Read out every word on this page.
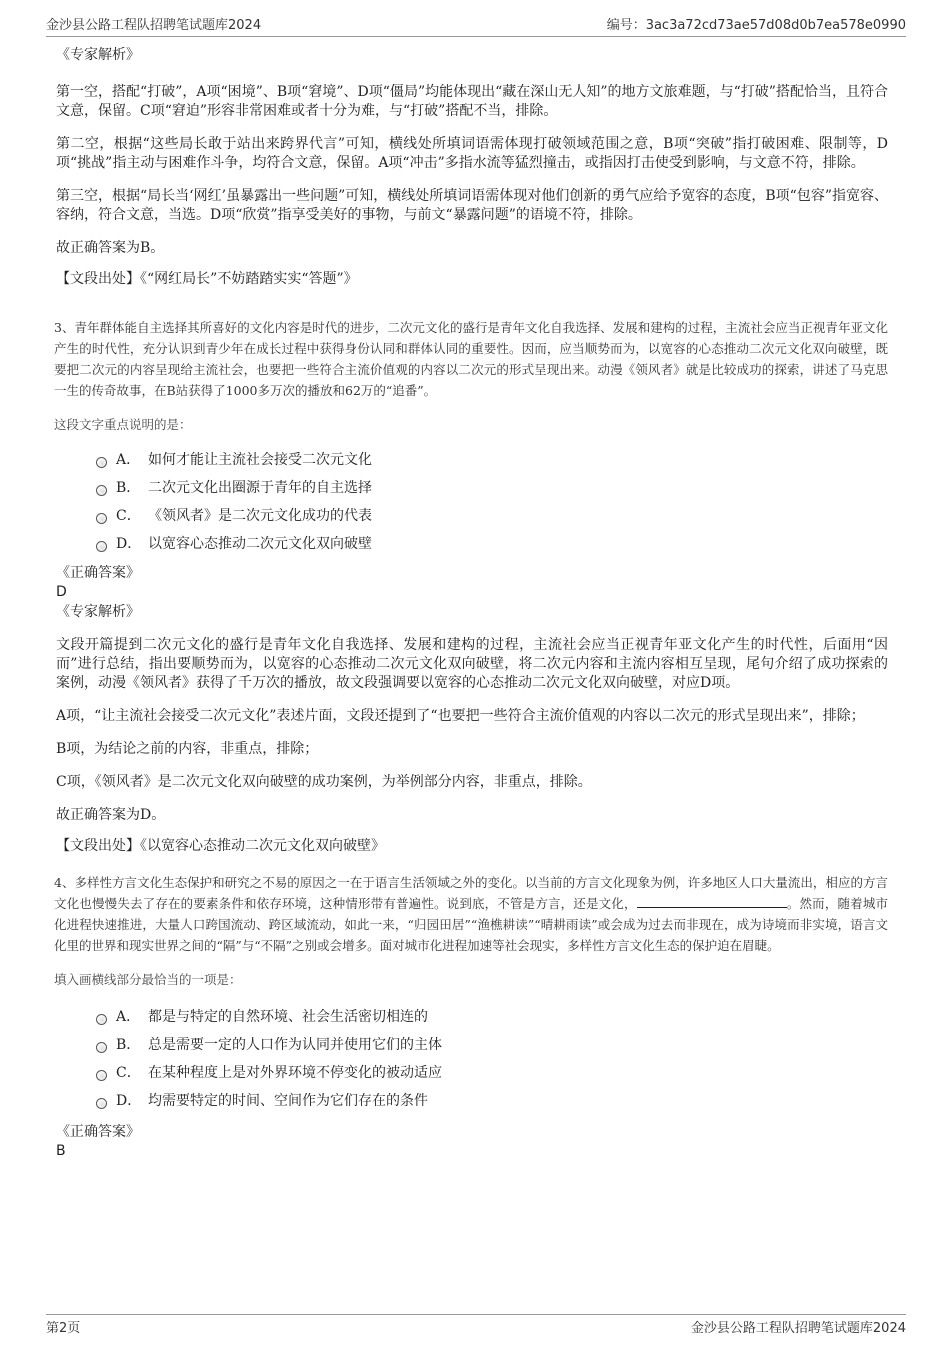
金沙县公路工程队招聘笔试题库2024	编号：3ac3a72cd73ae57d08d0b7ea578e0990

《专家解析》

第一空，搭配“打破”，A项“困境”、B项“窘境”、D项“僵局”均能体现出“藏在深山无人知”的地方文旅难题，与“打破”搭配恰当，且符合文意，保留。C项“窘迫”形容非常困难或者十分为难，与“打破”搭配不当，排除。

第二空，根据“这些局长敢于站出来跨界代言”可知，横线处所填词语需体现打破领域范围之意，B项“突破”指打破困难、限制等，D项“挑战”指主动与困难作斗争，均符合文意，保留。A项“冲击”多指水流等猛烈撞击，或指因打击使受到影响，与文意不符，排除。

第三空，根据“局长当‘网红’虽暴露出一些问题”可知，横线处所填词语需体现对他们创新的勇气应给予宽容的态度，B项“包容”指宽容、容纳，符合文意，当选。D项“欣赏”指享受美好的事物，与前文“暴露问题”的语境不符，排除。

故正确答案为B。

【文段出处】《“网红局长”不妨踏踏实实“答题”》

3、青年群体能自主选择其所喜好的文化内容是时代的进步，二次元文化的盛行是青年文化自我选择、发展和建构的过程，主流社会应当正视青年亚文化产生的时代性，充分认识到青少年在成长过程中获得身份认同和群体认同的重要性。因而，应当顺势而为，以宽容的心态推动二次元文化双向破壁，既要把二次元的内容呈现给主流社会，也要把一些符合主流价值观的内容以二次元的形式呈现出来。动漫《领风者》就是比较成功的探索，讲述了马克思一生的传奇故事，在B站获得了1000多万次的播放和62万的“追番”。

这段文字重点说明的是：

A． 如何才能让主流社会接受二次元文化
B． 二次元文化出圈源于青年的自主选择
C． 《领风者》是二次元文化成功的代表
D． 以宽容心态推动二次元文化双向破壁

《正确答案》

D

《专家解析》

文段开篇提到二次元文化的盛行是青年文化自我选择、发展和建构的过程，主流社会应当正视青年亚文化产生的时代性，后面用“因而”进行总结，指出要顺势而为，以宽容的心态推动二次元文化双向破壁，将二次元内容和主流内容相互呈现，尾句介绍了成功探索的案例，动漫《领风者》获得了千万次的播放，故文段强调要以宽容的心态推动二次元文化双向破壁，对应D项。

A项，“让主流社会接受二次元文化”表述片面，文段还提到了“也要把一些符合主流价值观的内容以二次元的形式呈现出来”，排除；

B项，为结论之前的内容，非重点，排除；

C项，《领风者》是二次元文化双向破壁的成功案例，为举例部分内容，非重点，排除。

故正确答案为D。

【文段出处】《以宽容心态推动二次元文化双向破壁》

4、多样性方言文化生态保护和研究之不易的原因之一在于语言生活领域之外的变化。以当前的方言文化现象为例，许多地区人口大量流出，相应的方言文化也慢慢失去了存在的要素条件和依存环境，这种情形带有普遍性。说到底，不管是方言，还是文化，	。然而，随着城市化进程快速推进，大量人口跨国流动、跨区域流动，如此一来，“归园田居”“渔樵耕读”“晴耕雨读”或会成为过去而非现在，成为诗境而非实境，语言文化里的世界和现实世界之间的“隔”与“不隔”之别或会增多。面对城市化进程加速等社会现实，多样性方言文化生态的保护迫在眉睫。

填入画横线部分最恰当的一项是：

A． 都是与特定的自然环境、社会生活密切相连的
B． 总是需要一定的人口作为认同并使用它们的主体
C． 在某种程度上是对外界环境不停变化的被动适应
D． 均需要特定的时间、空间作为它们存在的条件

《正确答案》

B

第2页	金沙县公路工程队招聘笔试题库2024
